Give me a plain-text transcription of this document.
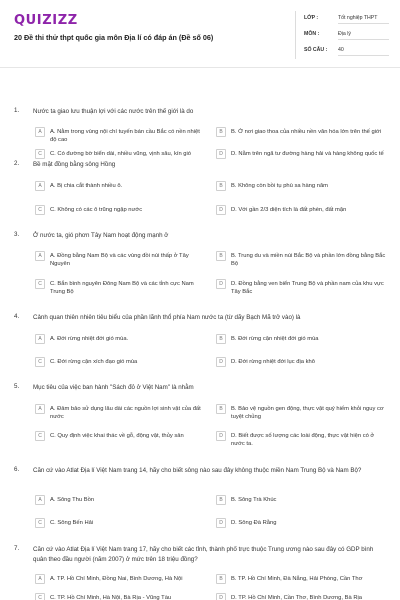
QUIZIZZ
20 Đề thi thử thpt quốc gia môn Địa lí có đáp án (Đề số 06)
LỚP :	Tốt nghiệp THPT
MÔN :	Địa lý
SỐ CÂU : 40
1. Nước ta giao lưu thuận lợi với các nước trên thế giới là do
A	A. Nằm trong vùng nội chí tuyến bán cầu Bắc có nền nhiệt độ cao
B	B. Ở nơi giao thoa của nhiều nền văn hóa lớn trên thế giới
C	C. Có đường bờ biển dài, nhiều vũng, vịnh sâu, kín gió	D	D. Nằm trên ngã tư đường hàng hải và hàng không quốc tế
2. Bề mặt đồng bằng sông Hồng
A	A. Bị chia cắt thành nhiều ô.	B	B. Không còn bồi tụ phù sa hàng năm
C	C. Không có các ô trũng ngập nước	D	D. Với gần 2/3 diện tích là đất phèn, đất mặn
3. Ở nước ta, gió phơn Tây Nam hoạt động mạnh ở
A	A. Đồng bằng Nam Bộ và các vùng đồi núi thấp ở Tây Nguyên
B	B. Trung du và miền núi Bắc Bộ và phần lớn đồng bằng Bắc Bộ
C	C. Bắn bình nguyên Đông Nam Bộ và các tỉnh cực Nam Trung Bộ
D	D. Đồng bằng ven biển Trung Bộ và phần nam của khu vực Tây Bắc
4. Cảnh quan thiên nhiên tiêu biểu của phần lãnh thổ phía Nam nước ta (từ dãy Bạch Mã trở vào) là
A	A. Đới rừng nhiệt đới gió mùa.	B	B. Đới rừng cận nhiệt đới gió mùa
C	C. Đới rừng cận xích đạo gió mùa	D	D. Đới rừng nhiệt đới lục địa khô
5. Mục tiêu của việc ban hành "Sách đỏ ở Việt Nam" là nhằm
A	A. Đảm bảo sử dụng lâu dài các nguồn lợi sinh vật của đất nước
B	B. Bảo vệ nguồn gen động, thực vật quý hiếm khỏi nguy cơ tuyệt chủng
C	C. Quy định việc khai thác về gỗ, động vật, thủy sản	D	D. Biết được số lượng các loài động, thực vật hiện có ở nước ta.
6. Căn cứ vào Atlat Địa lí Việt Nam trang 14, hãy cho biết sông nào sau đây không thuộc miền Nam Trung Bộ và Nam Bộ?
A	A. Sông Thu Bồn	B	B. Sông Trà Khúc
C	C. Sông Bến Hải	D	D. Sông Đà Rằng
7. Căn cứ vào Atlat Địa lí Việt Nam trang 17, hãy cho biết các tỉnh, thành phố trực thuộc Trung ương nào sau đây có GDP bình quân theo đầu người (năm 2007) ở mức trên 18 triệu đồng?
A	A. TP. Hồ Chí Minh, Đồng Nai, Bình Dương, Hà Nội	B	B. TP. Hồ Chí Minh, Đà Nẵng, Hải Phòng, Cần Thơ
C	C. TP. Hồ Chí Minh, Hà Nội, Bà Rịa - Vũng Tàu	D	D. TP. Hồ Chí Minh, Cần Thơ, Bình Dương, Bà Rịa
